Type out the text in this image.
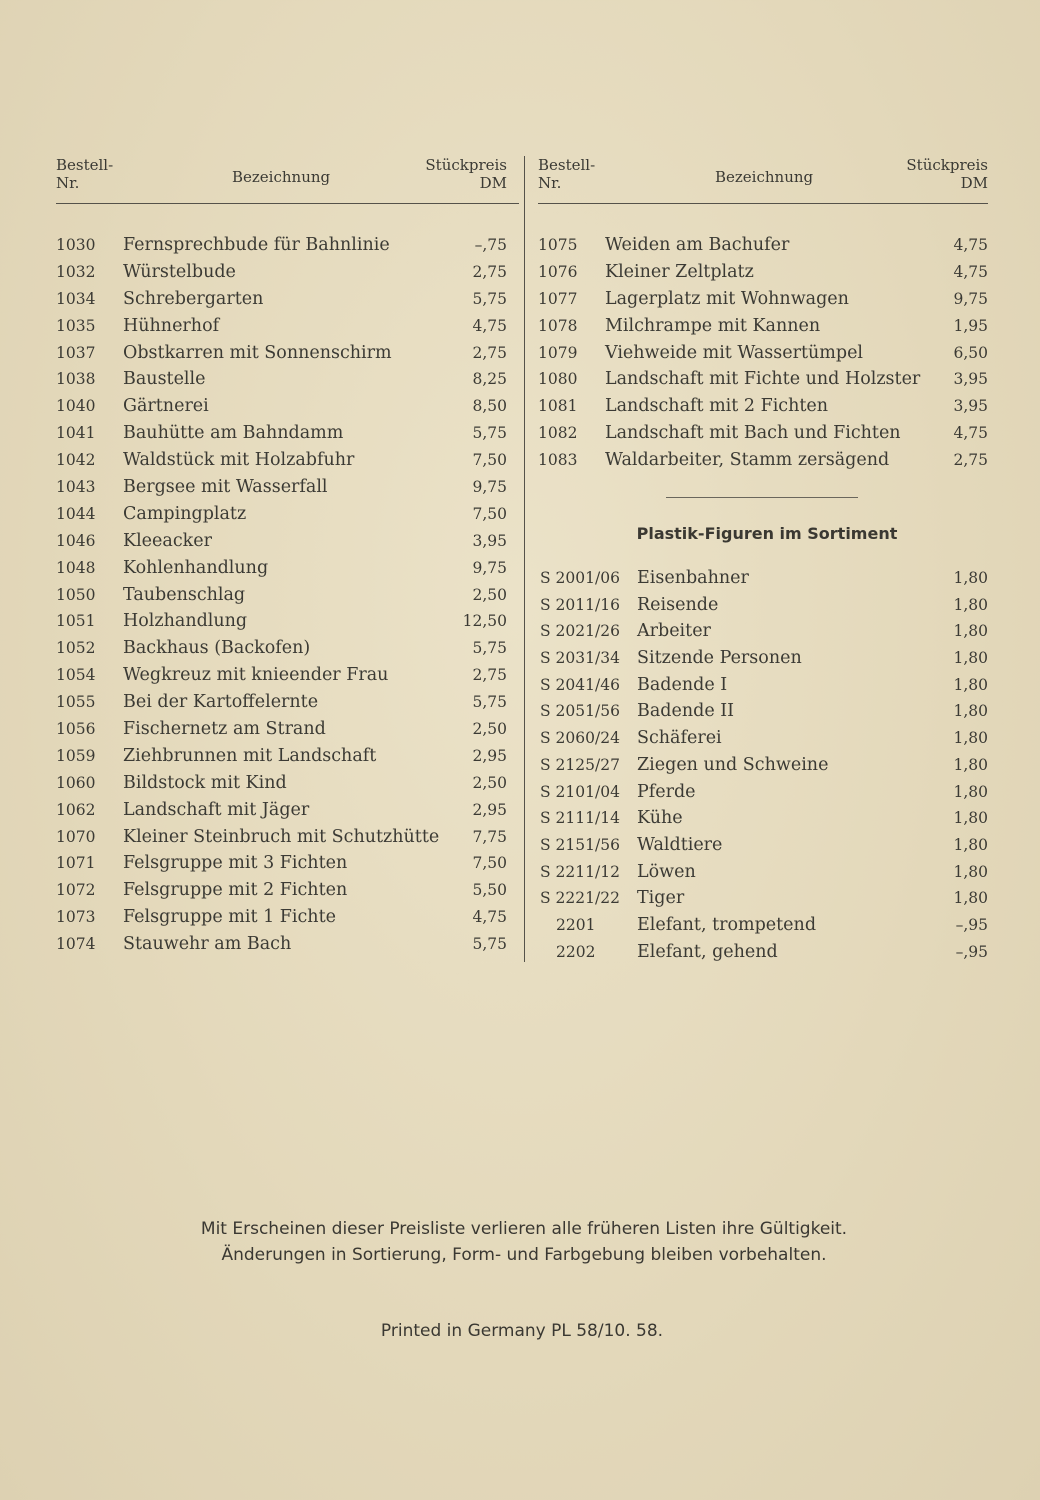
Bestell-
Nr.	Bezeichnung
Stückpreis
DM
Bestell-
Nr.	Bezeichnung
Stückpreis
DM
1030 Fernsprechbude für Bahnlinie	–,75
1032 Würstelbude	2,75
1034 Schrebergarten	5,75
1035 Hühnerhof	4,75
1037 Obstkarren mit Sonnenschirm	2,75
1038 Baustelle	8,25
1040 Gärtnerei	8,50
1041 Bauhütte am Bahndamm	5,75
1042 Waldstück mit Holzabfuhr	7,50
1043 Bergsee mit Wasserfall	9,75
1044 Campingplatz	7,50
1046 Kleeacker	3,95
1048 Kohlenhandlung	9,75
1050 Taubenschlag	2,50
1051 Holzhandlung	12,50
1052 Backhaus (Backofen)	5,75
1054 Wegkreuz mit knieender Frau	2,75
1055 Bei der Kartoffelernte	5,75
1056 Fischernetz am Strand	2,50
1059 Ziehbrunnen mit Landschaft	2,95
1060 Bildstock mit Kind	2,50
1062 Landschaft mit Jäger	2,95
1070 Kleiner Steinbruch mit Schutzhütte 7,75
1071 Felsgruppe mit 3 Fichten	7,50
1072 Felsgruppe mit 2 Fichten	5,50
1073 Felsgruppe mit 1 Fichte	4,75
1074 Stauwehr am Bach	5,75
1075 Weiden am Bachufer	4,75
1076 Kleiner Zeltplatz	4,75
1077 Lagerplatz mit Wohnwagen	9,75
1078 Milchrampe mit Kannen	1,95
1079 Viehweide mit Wassertümpel	6,50
1080 Landschaft mit Fichte und Holzster 3,95
1081 Landschaft mit 2 Fichten	3,95
1082 Landschaft mit Bach und Fichten	4,75
1083 Waldarbeiter, Stamm zersägend	2,75
Plastik-Figuren im Sortiment
S 2001/06 Eisenbahner	1,80
S 2011/16 Reisende	1,80
S 2021/26 Arbeiter	1,80
S 2031/34 Sitzende Personen	1,80
S 2041/46 Badende I	1,80
S 2051/56 Badende II	1,80
S 2060/24 Schäferei	1,80
S 2125/27 Ziegen und Schweine	1,80
S 2101/04 Pferde	1,80
S 2111/14 Kühe	1,80
S 2151/56 Waldtiere	1,80
S 2211/12 Löwen	1,80
S 2221/22 Tiger	1,80
2201 Elefant, trompetend	–,95
2202 Elefant, gehend	–,95
Mit Erscheinen dieser Preisliste verlieren alle früheren Listen ihre Gültigkeit.
Änderungen in Sortierung, Form- und Farbgebung bleiben vorbehalten.
Printed in Germany PL 58/10. 58.
